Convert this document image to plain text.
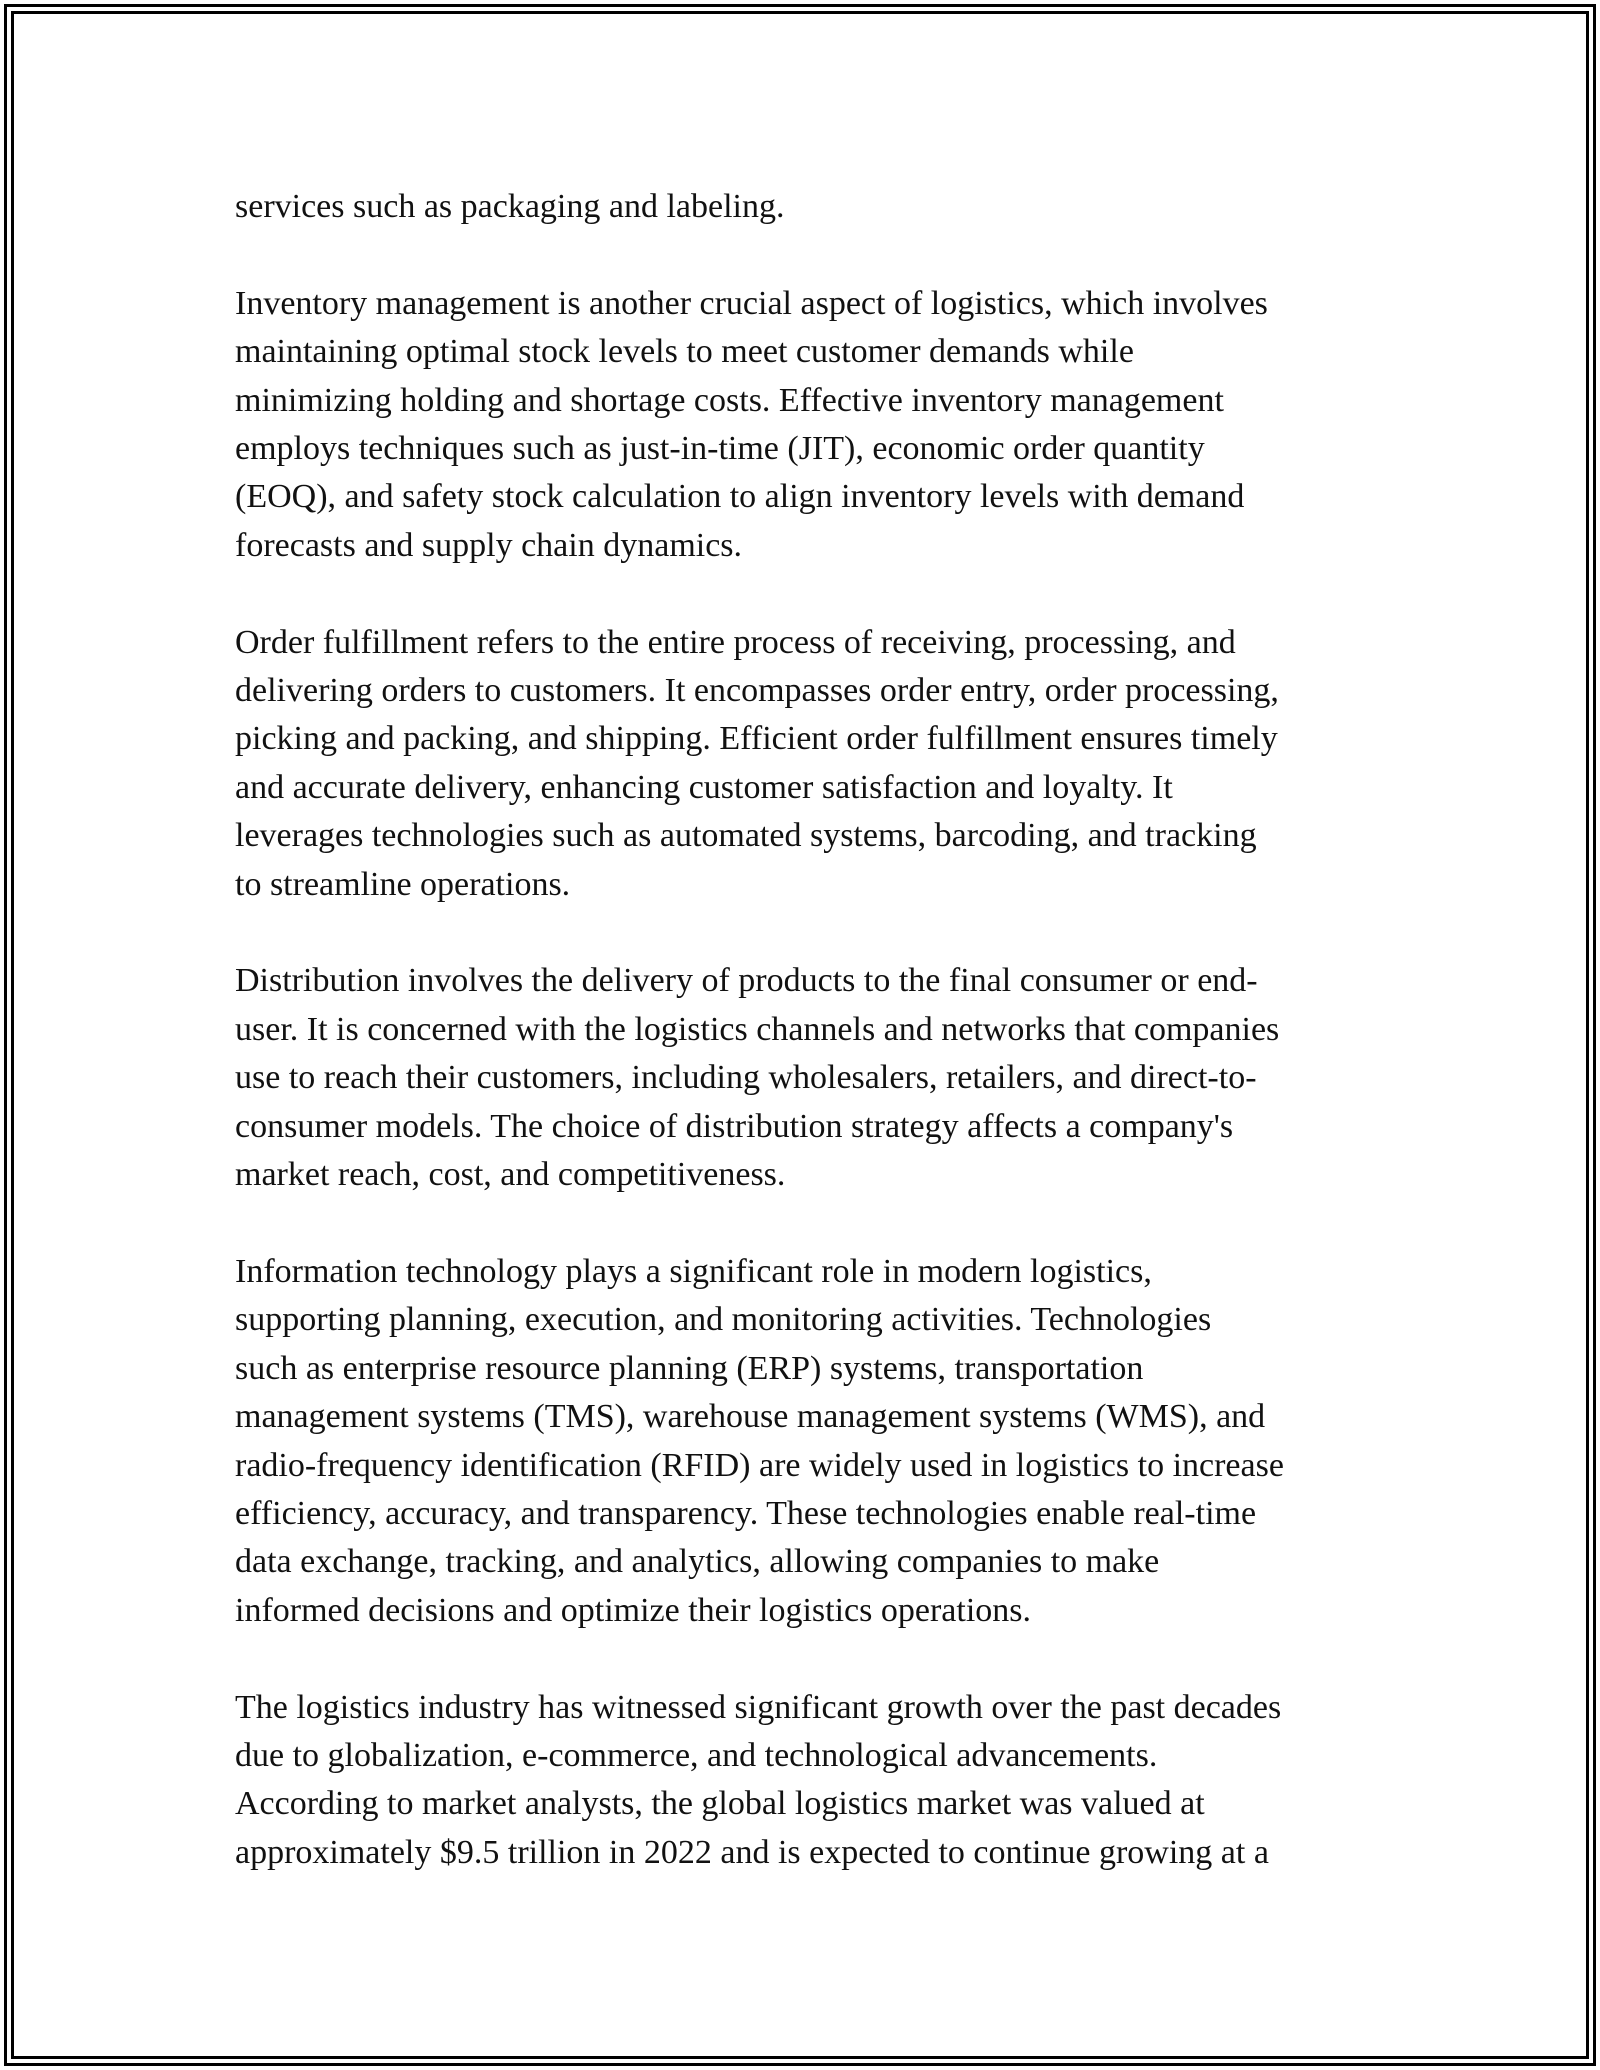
services such as packaging and labeling.

Inventory management is another crucial aspect of logistics, which involves
maintaining optimal stock levels to meet customer demands while
minimizing holding and shortage costs. Effective inventory management
employs techniques such as just-in-time (JIT), economic order quantity
(EOQ), and safety stock calculation to align inventory levels with demand
forecasts and supply chain dynamics.

Order fulfillment refers to the entire process of receiving, processing, and
delivering orders to customers. It encompasses order entry, order processing,
picking and packing, and shipping. Efficient order fulfillment ensures timely
and accurate delivery, enhancing customer satisfaction and loyalty. It
leverages technologies such as automated systems, barcoding, and tracking
to streamline operations.

Distribution involves the delivery of products to the final consumer or end-
user. It is concerned with the logistics channels and networks that companies
use to reach their customers, including wholesalers, retailers, and direct-to-
consumer models. The choice of distribution strategy affects a company's
market reach, cost, and competitiveness.

Information technology plays a significant role in modern logistics,
supporting planning, execution, and monitoring activities. Technologies
such as enterprise resource planning (ERP) systems, transportation
management systems (TMS), warehouse management systems (WMS), and
radio-frequency identification (RFID) are widely used in logistics to increase
efficiency, accuracy, and transparency. These technologies enable real-time
data exchange, tracking, and analytics, allowing companies to make
informed decisions and optimize their logistics operations.

The logistics industry has witnessed significant growth over the past decades
due to globalization, e-commerce, and technological advancements.
According to market analysts, the global logistics market was valued at
approximately $9.5 trillion in 2022 and is expected to continue growing at a
